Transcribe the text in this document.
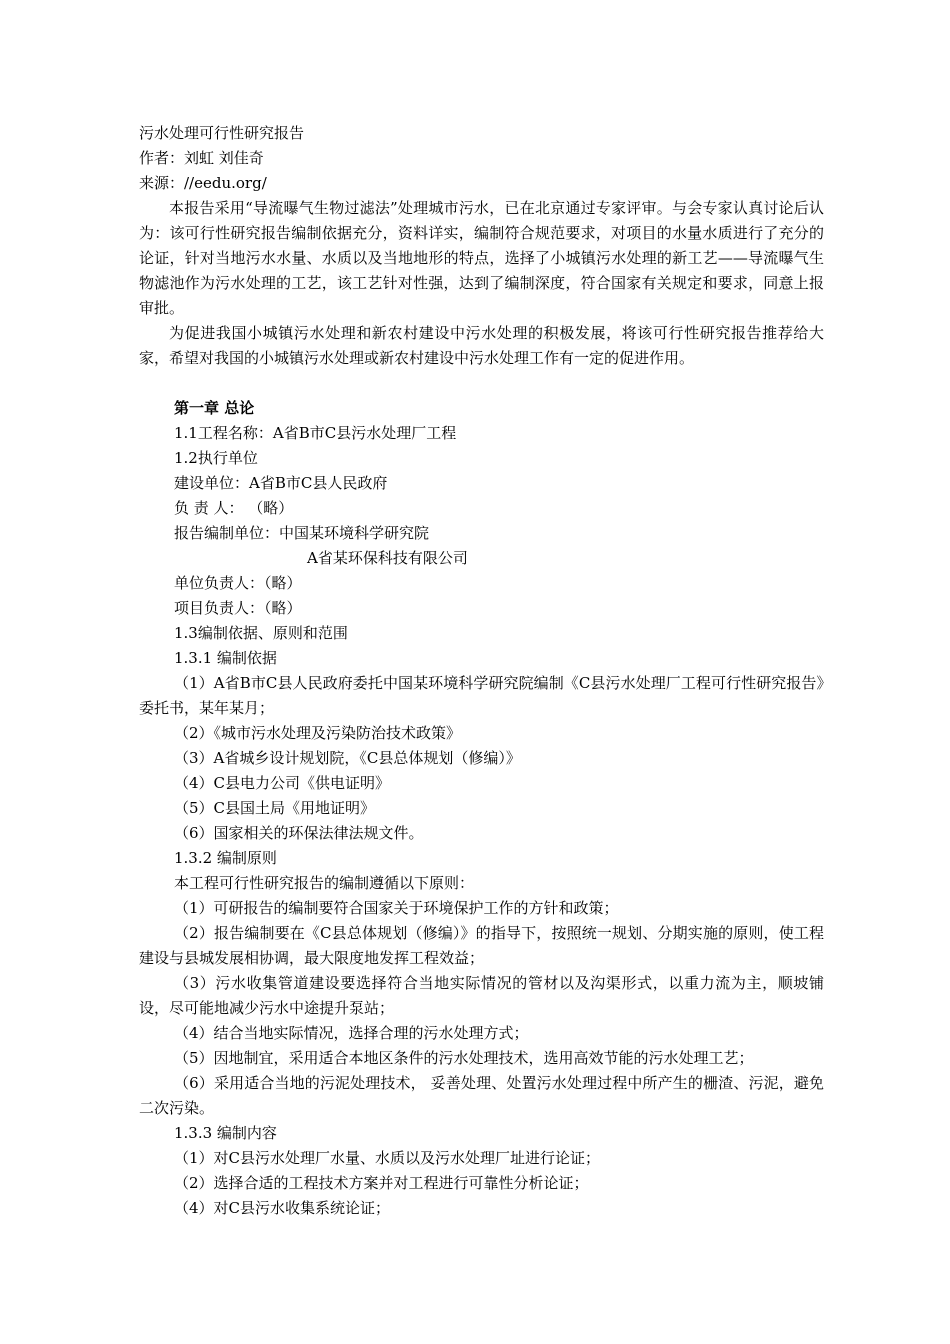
污水处理可行性研究报告
作者：刘虹 刘佳奇
来源：//eedu.org/
本报告采用“导流曝气生物过滤法”处理城市污水，已在北京通过专家评审。与会专家认真讨论后认为：该可行性研究报告编制依据充分，资料详实，编制符合规范要求，对项目的水量水质进行了充分的论证，针对当地污水水量、水质以及当地地形的特点，选择了小城镇污水处理的新工艺——导流曝气生物滤池作为污水处理的工艺，该工艺针对性强，达到了编制深度，符合国家有关规定和要求，同意上报审批。
为促进我国小城镇污水处理和新农村建设中污水处理的积极发展，将该可行性研究报告推荐给大家，希望对我国的小城镇污水处理或新农村建设中污水处理工作有一定的促进作用。
第一章 总论
1.1工程名称：A省B市C县污水处理厂工程
1.2执行单位
建设单位：A省B市C县人民政府
负 责 人： （略）
报告编制单位：中国某环境科学研究院
A省某环保科技有限公司
单位负责人：（略）
项目负责人：（略）
1.3编制依据、原则和范围
1.3.1 编制依据
（1）A省B市C县人民政府委托中国某环境科学研究院编制《C县污水处理厂工程可行性研究报告》委托书，某年某月；
（2）《城市污水处理及污染防治技术政策》
（3）A省城乡设计规划院，《C县总体规划（修编）》
（4）C县电力公司《供电证明》
（5）C县国土局《用地证明》
（6）国家相关的环保法律法规文件。
1.3.2 编制原则
本工程可行性研究报告的编制遵循以下原则：
（1）可研报告的编制要符合国家关于环境保护工作的方针和政策；
（2）报告编制要在《C县总体规划（修编）》的指导下，按照统一规划、分期实施的原则，使工程建设与县城发展相协调，最大限度地发挥工程效益；
（3）污水收集管道建设要选择符合当地实际情况的管材以及沟渠形式，以重力流为主，顺坡铺设，尽可能地减少污水中途提升泵站；
（4）结合当地实际情况，选择合理的污水处理方式；
（5）因地制宜，采用适合本地区条件的污水处理技术，选用高效节能的污水处理工艺；
（6）采用适合当地的污泥处理技术， 妥善处理、处置污水处理过程中所产生的栅渣、污泥，避免二次污染。
1.3.3 编制内容
（1）对C县污水处理厂水量、水质以及污水处理厂址进行论证；
（2）选择合适的工程技术方案并对工程进行可靠性分析论证；
（4）对C县污水收集系统论证；
